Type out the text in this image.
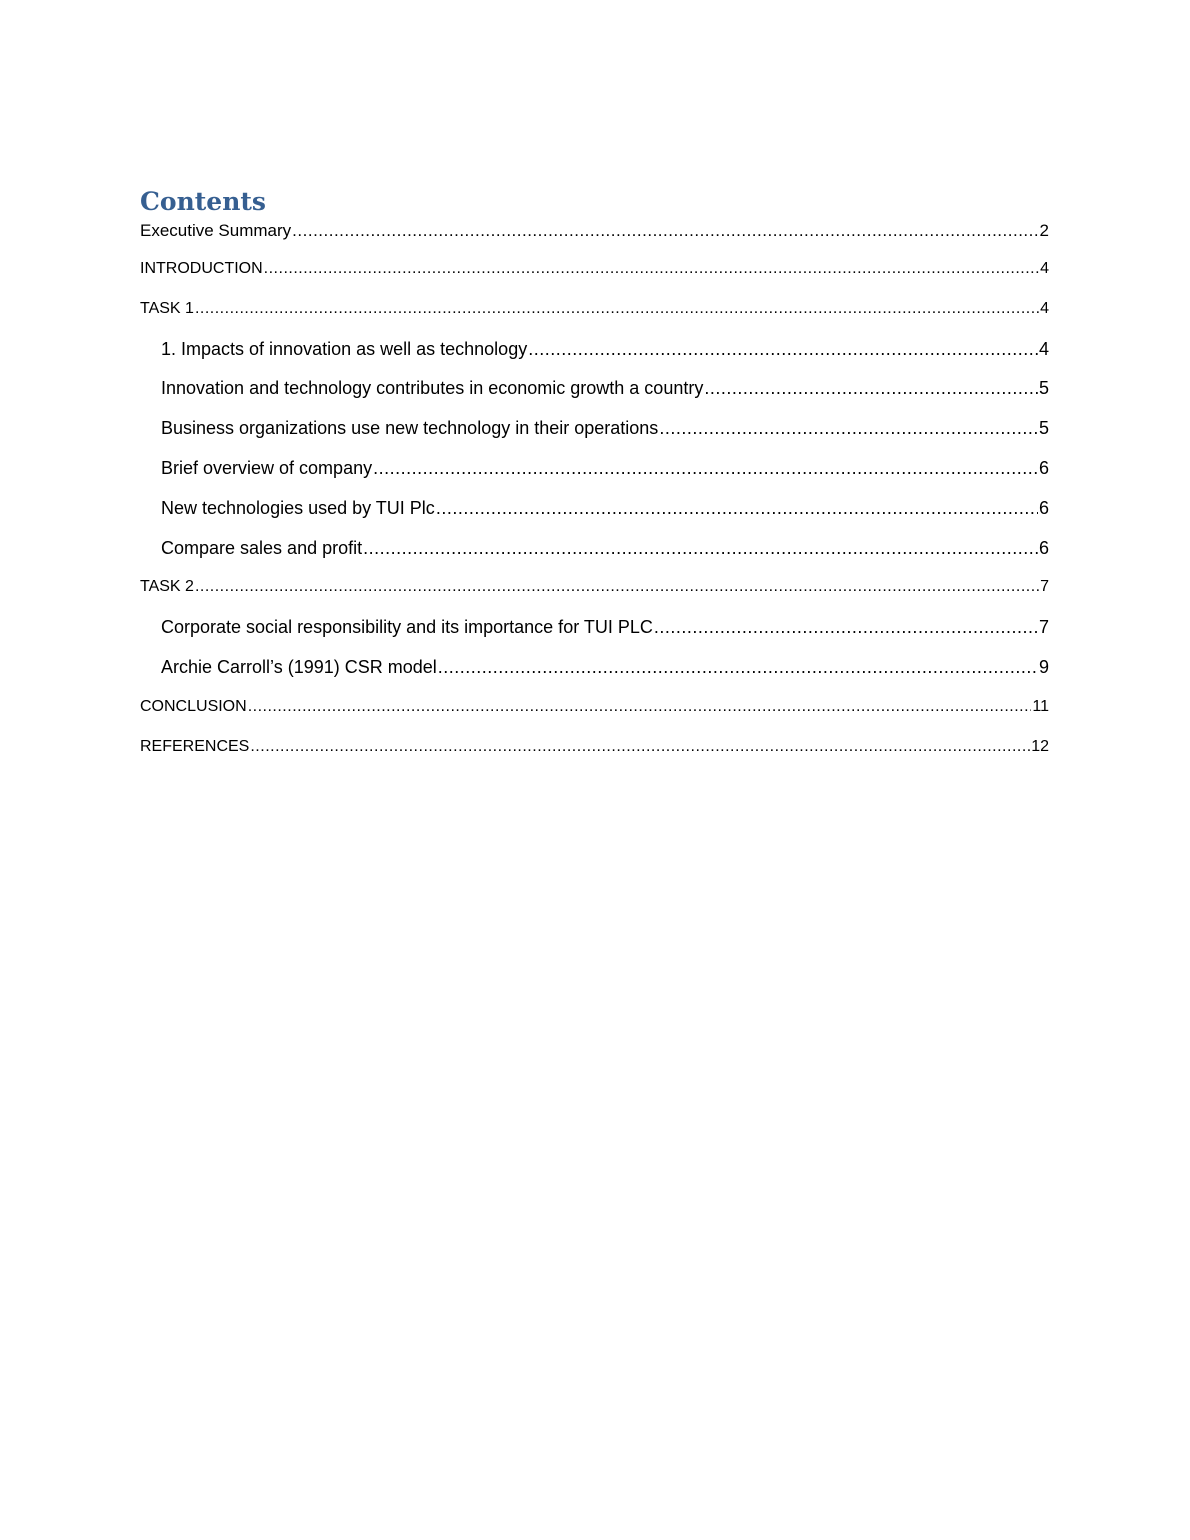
Contents
Executive Summary .....	2
INTRODUCTION .....	4
TASK 1 .....	4
1. Impacts of innovation as well as technology .....	4
Innovation and technology contributes in economic growth a country .....	5
Business organizations use new technology in their operations .....	5
Brief overview of company .....	6
New technologies used by TUI Plc .....	6
Compare sales and profit .....	6
TASK 2 .....	7
Corporate social responsibility and its importance for TUI PLC .....	7
Archie Carroll’s (1991) CSR model .....	9
CONCLUSION .....	11
REFERENCES .....	12
